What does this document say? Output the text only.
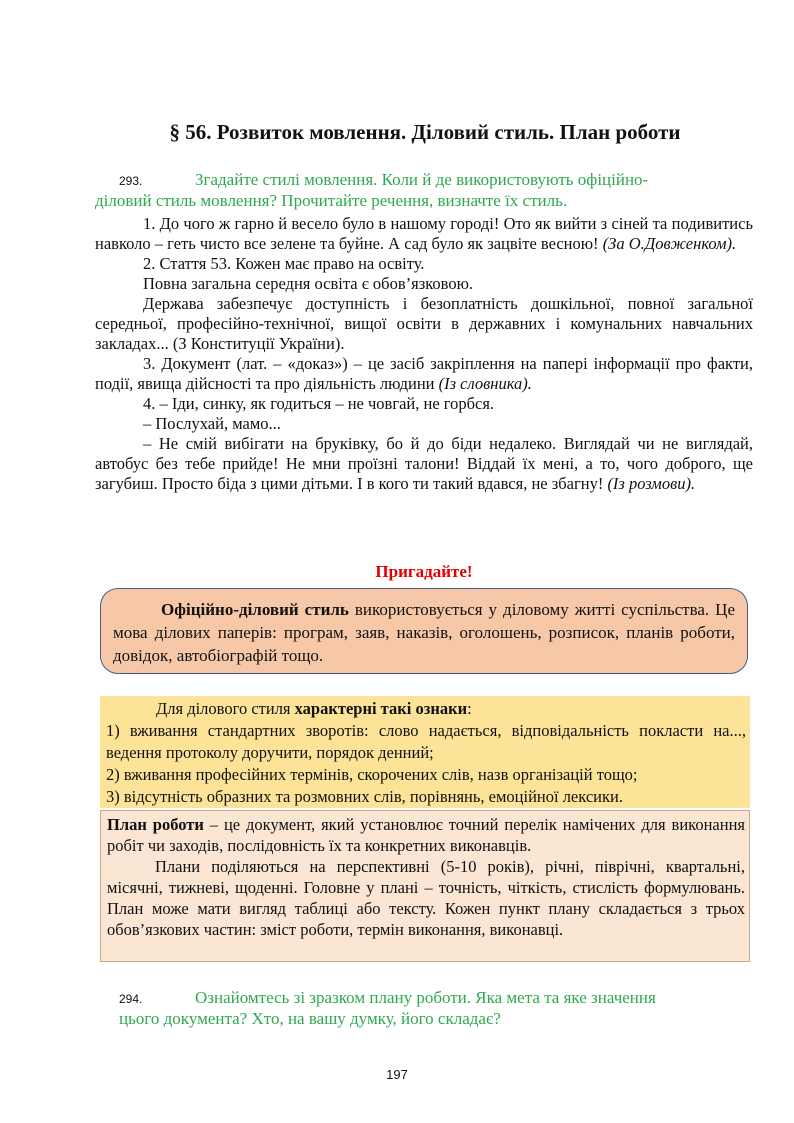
§ 56. Розвиток мовлення. Діловий стиль. План роботи
293.	Згадайте стилі мовлення. Коли й де використовують офіційно-
діловий стиль мовлення? Прочитайте речення, визначте їх стиль.
1. До чого ж гарно й весело було в нашому городі! Ото як вийти з сіней та подивитись навколо – геть чисто все зелене та буйне. А сад було як зацвіте весною! (За О.Довженком).
2. Стаття 53. Кожен має право на освіту.
Повна загальна середня освіта є обов’язковою.
Держава забезпечує доступність і безоплатність дошкільної, повної загальної середньої, професійно-технічної, вищої освіти в державних і комунальних навчальних закладах... (З Конституції України).
3. Документ (лат. – «доказ») – це засіб закріплення на папері інформації про факти, події, явища дійсності та про діяльність людини (Із словника).
4. – Іди, синку, як годиться – не човгай, не горбся.
– Послухай, мамо...
– Не смій вибігати на бруківку, бо й до біди недалеко. Виглядай чи не виглядай, автобус без тебе прийде! Не мни проїзні талони! Віддай їх мені, а то, чого доброго, ще загубиш. Просто біда з цими дітьми. І в кого ти такий вдався, не збагну! (Із розмови).
Пригадайте!
Офіційно-діловий стиль використовується у діловому житті суспільства. Це мова ділових паперів: програм, заяв, наказів, оголошень, розписок, планів роботи, довідок, автобіографій тощо.
Для ділового стиля характерні такі ознаки:
1) вживання стандартних зворотів: слово надається, відповідальність покласти на..., ведення протоколу доручити, порядок денний;
2) вживання професійних термінів, скорочених слів, назв організацій тощо;
3) відсутність образних та розмовних слів, порівнянь, емоційної лексики.
План роботи – це документ, який установлює точний перелік намічених для виконання робіт чи заходів, послідовність їх та конкретних виконавців.
Плани поділяються на перспективні (5-10 років), річні, піврічні, квартальні, місячні, тижневі, щоденні. Головне у плані – точність, чіткість, стислість формулювань. План може мати вигляд таблиці або тексту. Кожен пункт плану складається з трьох обов’язкових частин: зміст роботи, термін виконання, виконавці.
294.	Ознайомтесь зі зразком плану роботи. Яка мета та яке значення
цього документа? Хто, на вашу думку, його складає?
197
